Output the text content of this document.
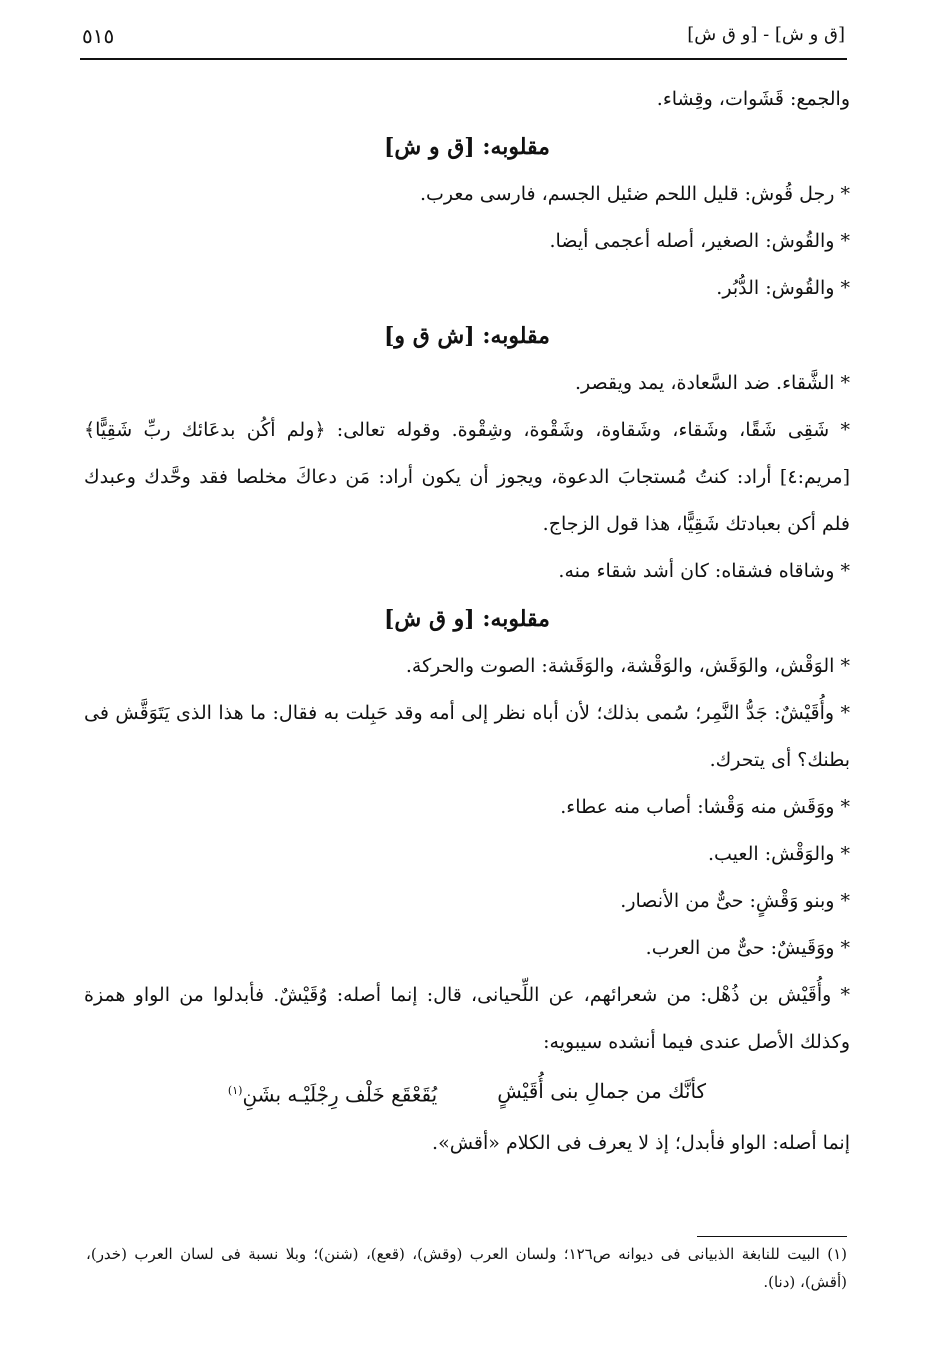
٥١٥	[ق و ش] - [و ق ش]

والجمع: قَشَوات، وقِشاء.

مقلوبه: [ق و ش]

* رجل قُوش: قليل اللحم ضئيل الجسم، فارسى معرب.

* والقُوش: الصغير، أصله أعجمى أيضا.

* والقُوش: الدُّبُر.

مقلوبه: [ش ق و]

* الشَّقاء. ضد السَّعادة، يمد ويقصر.

* شَقِى شَقًا، وشَقاء، وشَقاوة، وشَقْوة، وشِقْوة. وقوله تعالى: ﴿ولم أكُن بدعَائك ربِّ شَقِيًّا﴾ [مريم:٤] أراد: كنتُ مُستجابَ الدعوة، ويجوز أن يكون أراد: مَن دعاكَ مخلصا فقد وحَّدك وعبدك فلم أكن بعبادتك شَقِيًّا، هذا قول الزجاج.

* وشاقاه فشقاه: كان أشد شقاء منه.

مقلوبه: [و ق ش]

* الوَقْش، والوَقَش، والوَقْشة، والوَقَشة: الصوت والحركة.

* وأُقَيْشٌ: جَدُّ النَّمِر؛ سُمى بذلك؛ لأن أباه نظر إلى أمه وقد حَبِلت به فقال: ما هذا الذى يَتَوَقَّش فى بطنك؟ أى يتحرك.

* ووَقَش منه وَقْشا: أصاب منه عطاء.

* والوَقْش: العيب.

* وبنو وَقْشٍ: حىٌّ من الأنصار.

* ووَقَيشٌ: حىٌّ من العرب.

* وأُقَيْش بن ذُهْل: من شعرائهم، عن اللِّحيانى، قال: إنما أصله: وُقَيْشٌ. فأبدلوا من الواو همزة وكذلك الأصل عندى فيما أنشده سيبويه:

كأنَّك من جمالِ بنى أُقَيْشٍ
يُقَعْقَع خَلْف رِجْلَيْـه بشَنِ$^{(١)}$

إنما أصله: الواو فأبدل؛ إذ لا يعرف فى الكلام «أقش».

(١) البيت للنابغة الذبيانى فى ديوانه ص١٢٦؛ ولسان العرب (وقش)، (قعع)، (شنن)؛ وبلا نسبة فى لسان العرب (خدر)، (أقش)، (دنا).
